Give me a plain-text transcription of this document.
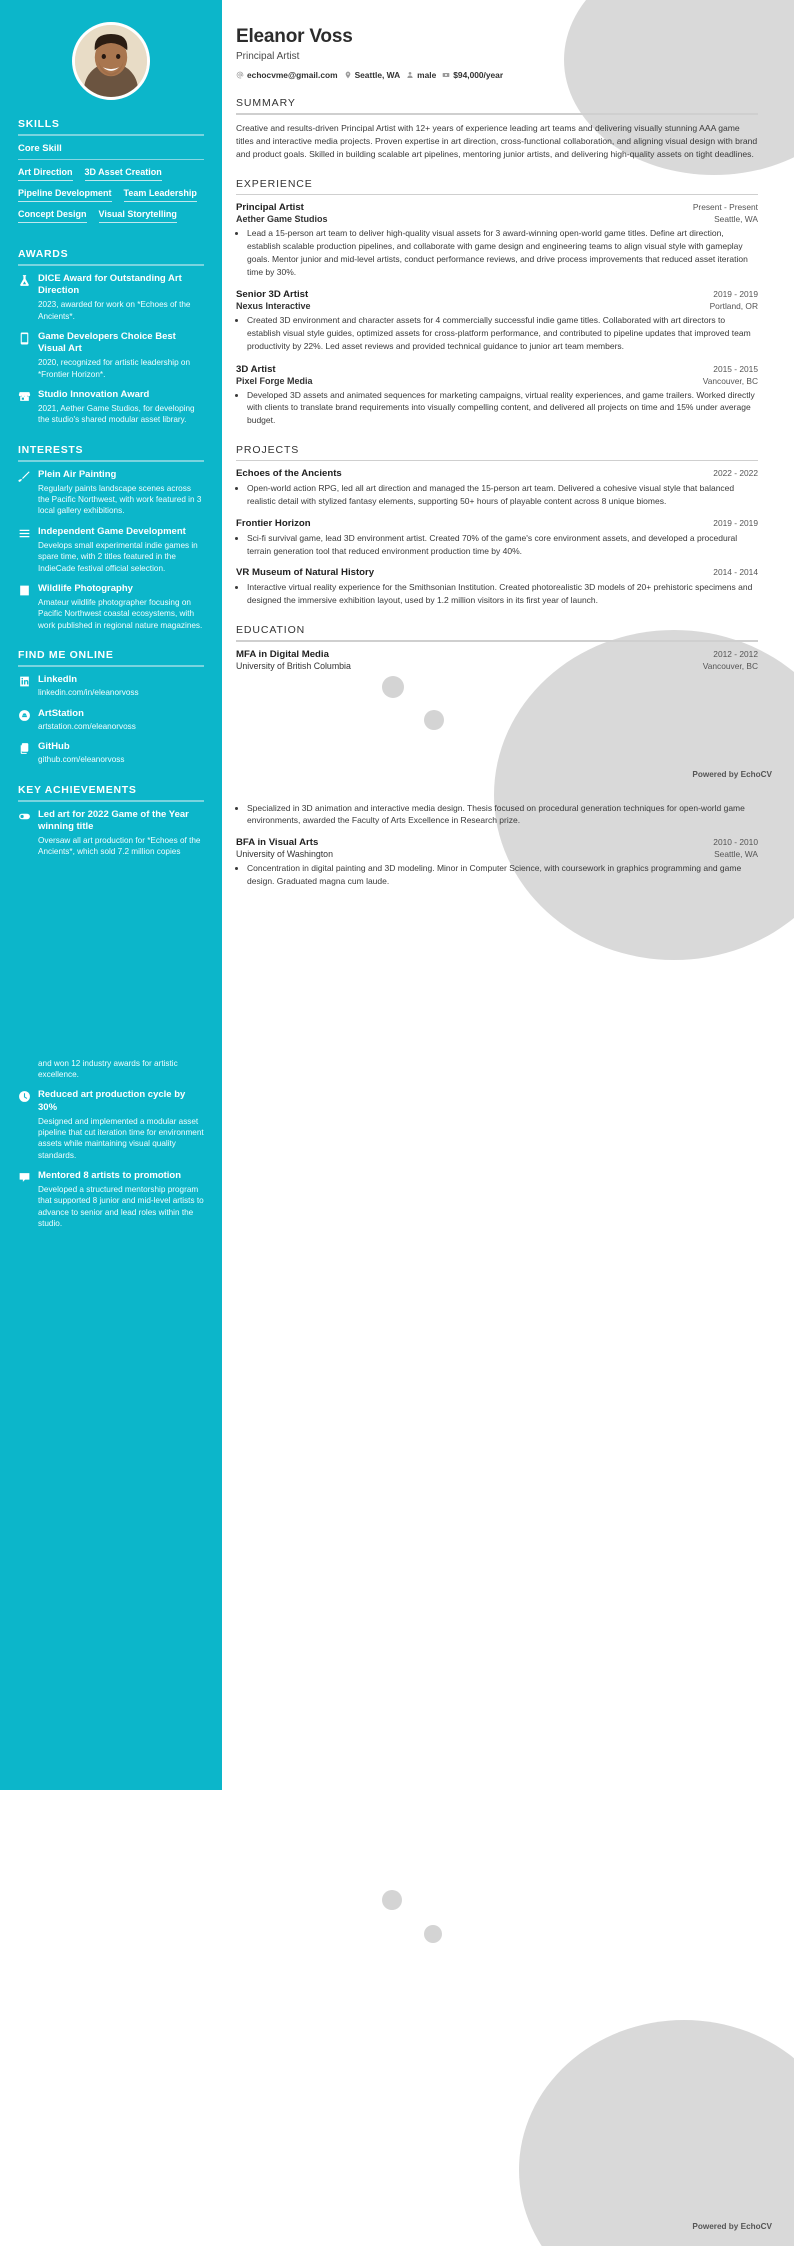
SKILLS
Core Skill
Art Direction 3D Asset Creation
Pipeline Development Team Leadership
Concept Design Visual Storytelling
AWARDS
DICE Award for Outstanding Art Direction
2023, awarded for work on *Echoes of the Ancients*.
Game Developers Choice Best Visual Art
2020, recognized for artistic leadership on *Frontier Horizon*.
Studio Innovation Award
2021, Aether Game Studios, for developing the studio's shared modular asset library.
INTERESTS
Plein Air Painting
Regularly paints landscape scenes across the Pacific Northwest, with work featured in 3 local gallery exhibitions.
Independent Game Development
Develops small experimental indie games in spare time, with 2 titles featured in the IndieCade festival official selection.
Wildlife Photography
Amateur wildlife photographer focusing on Pacific Northwest coastal ecosystems, with work published in regional nature magazines.
FIND ME ONLINE
LinkedIn
linkedin.com/in/eleanorvoss
ArtStation
artstation.com/eleanorvoss
GitHub
github.com/eleanorvoss
KEY ACHIEVEMENTS
Led art for 2022 Game of the Year winning title
Oversaw all art production for *Echoes of the Ancients*, which sold 7.2 million copies
and won 12 industry awards for artistic excellence.
Reduced art production cycle by 30%
Designed and implemented a modular asset pipeline that cut iteration time for environment assets while maintaining visual quality standards.
Mentored 8 artists to promotion
Developed a structured mentorship program that supported 8 junior and mid-level artists to advance to senior and lead roles within the studio.
Eleanor Voss
Principal Artist
echocvme@gmail.com Seattle, WA male $94,000/year
SUMMARY

Creative and results-driven Principal Artist with 12+ years of experience leading art teams and delivering visually stunning AAA game titles and interactive media projects. Proven expertise in art direction, cross-functional collaboration, and aligning visual design with brand and product goals. Skilled in building scalable art pipelines, mentoring junior artists, and delivering high-quality assets on tight deadlines.

EXPERIENCE
Principal Artist	Present - Present
Aether Game Studios	Seattle, WA
• Lead a 15-person art team to deliver high-quality visual assets for 3 award-winning open-world game titles. Define art direction, establish scalable production pipelines, and collaborate with game design and engineering teams to align visual style with gameplay goals. Mentor junior and mid-level artists, conduct performance reviews, and drive process improvements that reduced asset iteration time by 30%.
Senior 3D Artist	2019 - 2019
Nexus Interactive	Portland, OR
• Created 3D environment and character assets for 4 commercially successful indie game titles. Collaborated with art directors to establish visual style guides, optimized assets for cross-platform performance, and contributed to pipeline updates that improved team productivity by 22%. Led asset reviews and provided technical guidance to junior art team members.
3D Artist	2015 - 2015
Pixel Forge Media	Vancouver, BC
• Developed 3D assets and animated sequences for marketing campaigns, virtual reality experiences, and game trailers. Worked directly with clients to translate brand requirements into visually compelling content, and delivered all projects on time and 15% under average budget.
PROJECTS
Echoes of the Ancients	2022 - 2022
• Open-world action RPG, led all art direction and managed the 15-person art team. Delivered a cohesive visual style that balanced realistic detail with stylized fantasy elements, supporting 50+ hours of playable content across 8 unique biomes.
Frontier Horizon	2019 - 2019
• Sci-fi survival game, lead 3D environment artist. Created 70% of the game's core environment assets, and developed a procedural terrain generation tool that reduced environment production time by 40%.
VR Museum of Natural History	2014 - 2014
• Interactive virtual reality experience for the Smithsonian Institution. Created photorealistic 3D models of 20+ prehistoric specimens and designed the immersive exhibition layout, used by 1.2 million visitors in its first year of launch.
EDUCATION
MFA in Digital Media	2012 - 2012
University of British Columbia	Vancouver, BC
• Specialized in 3D animation and interactive media design. Thesis focused on procedural generation techniques for open-world game environments, awarded the Faculty of Arts Excellence in Research prize.
BFA in Visual Arts	2010 - 2010
University of Washington	Seattle, WA
• Concentration in digital painting and 3D modeling. Minor in Computer Science, with coursework in graphics programming and game design. Graduated magna cum laude.
Powered by EchoCV
Powered by EchoCV
